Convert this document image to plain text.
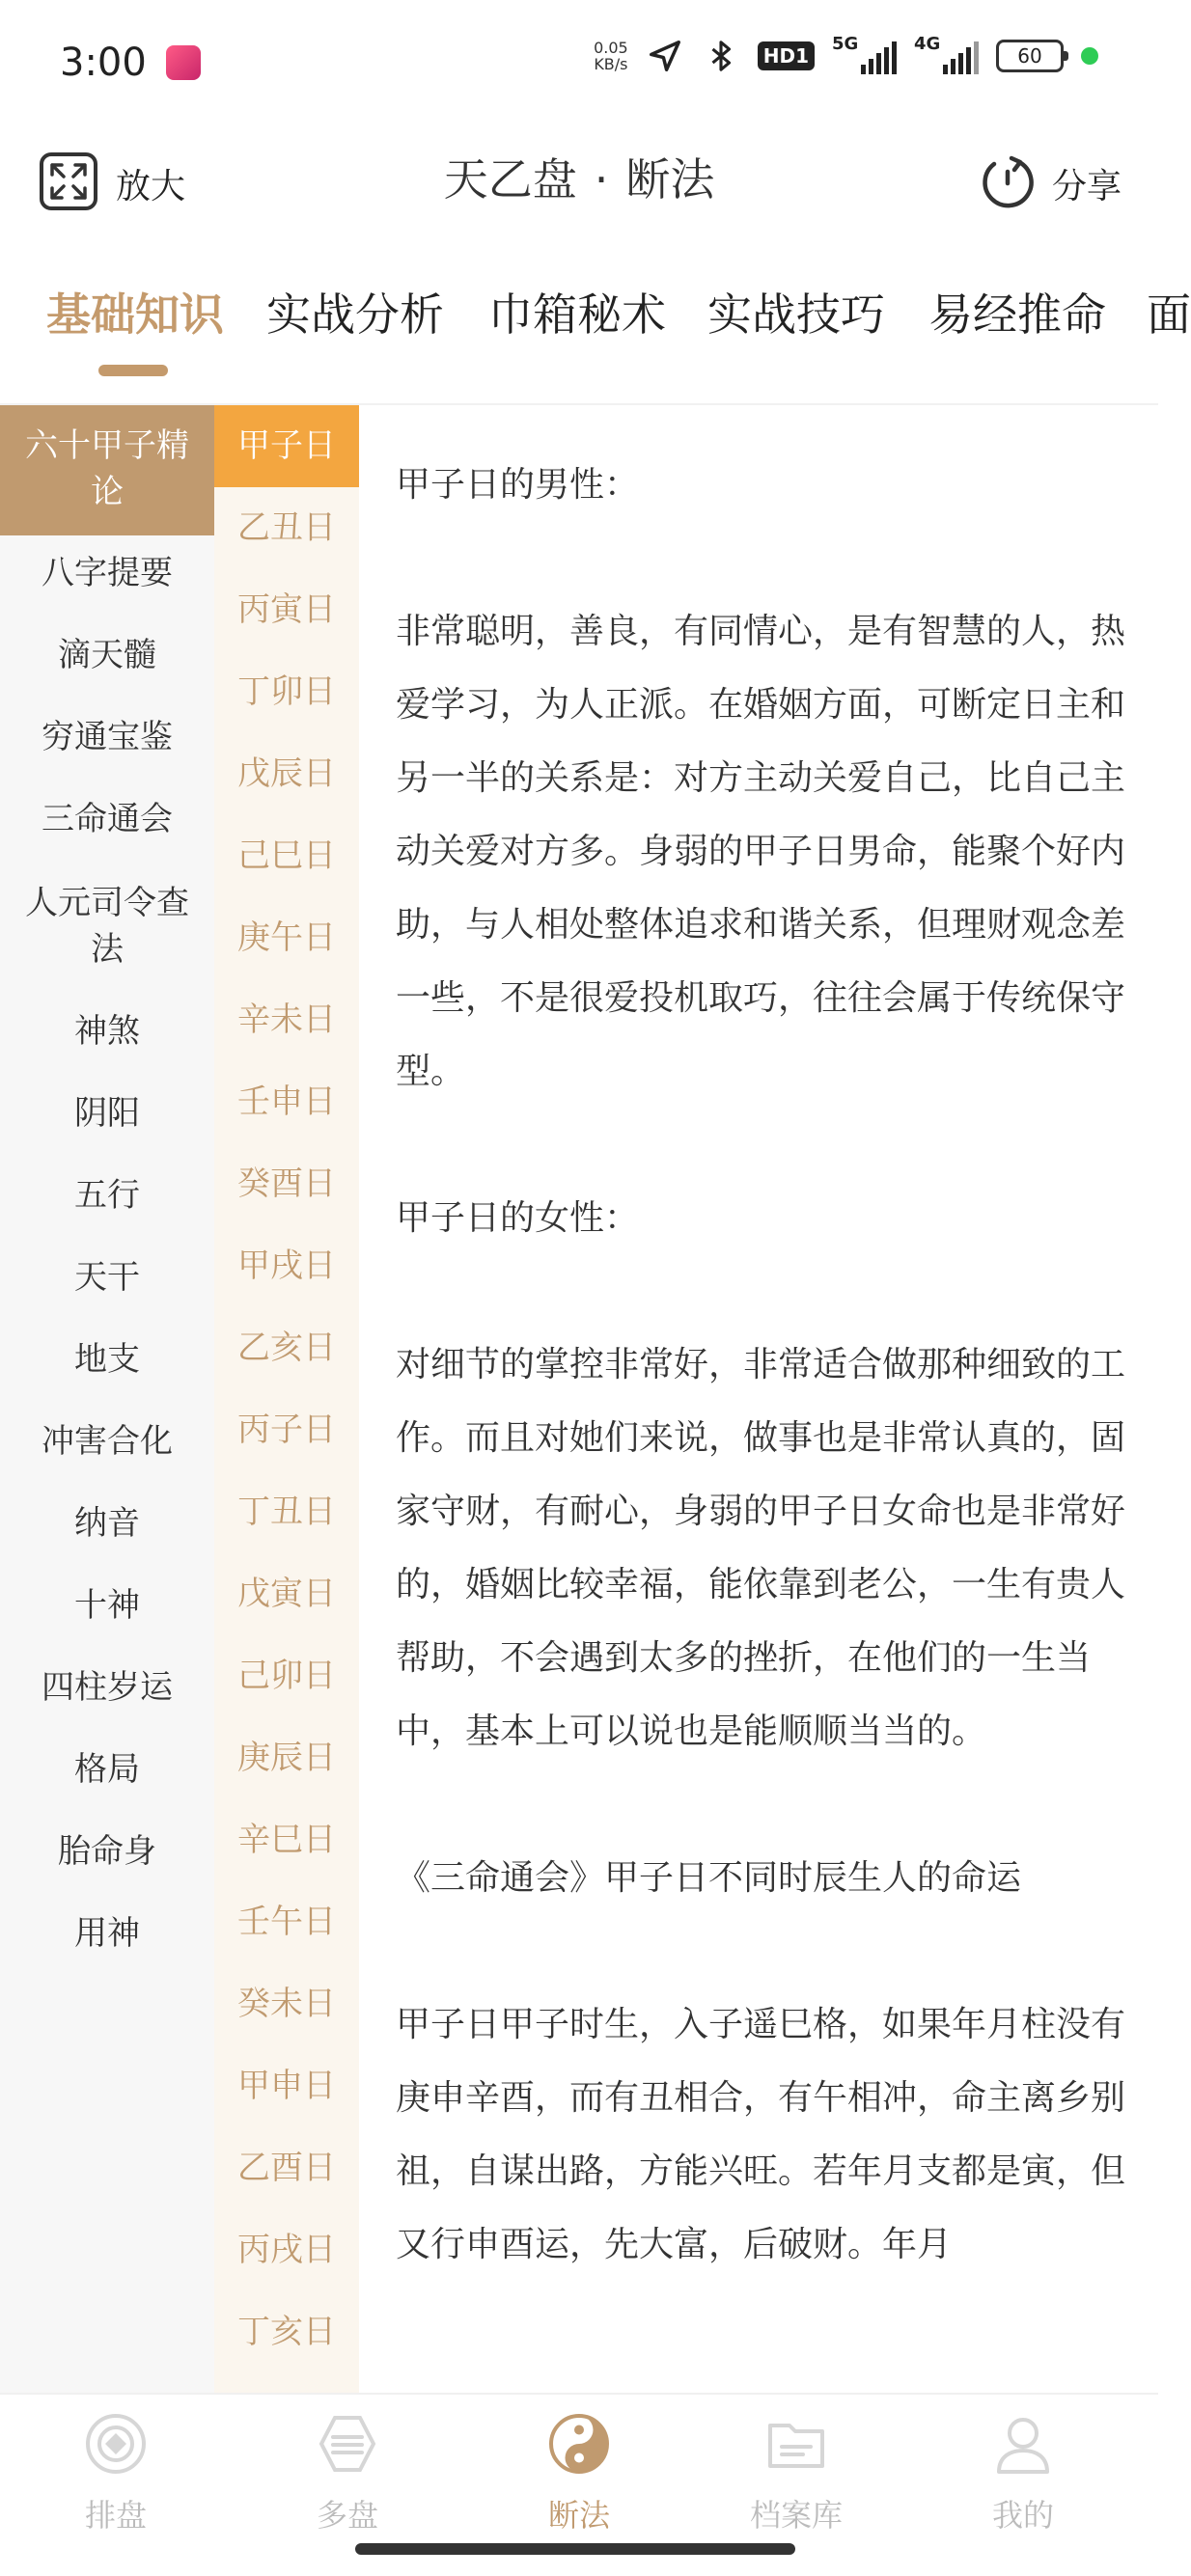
3:00	0.05
KB/s	HD1
5G	4G
60
放大	天乙盘 · 断法	分享
基础知识 实战分析 巾箱秘术 实战技巧 易经推命 面
六十甲子精论
八字提要
滴天髓
穷通宝鉴
三命通会
人元司令查法
神煞
阴阳
五行
天干
地支
冲害合化
纳音
十神
四柱岁运
格局
胎命身
用神
甲子日
乙丑日
丙寅日
丁卯日
戊辰日
己巳日
庚午日
辛未日
壬申日
癸酉日
甲戌日
乙亥日
丙子日
丁丑日
戊寅日
己卯日
庚辰日
辛巳日
壬午日
癸未日
甲申日
乙酉日
丙戌日
丁亥日

甲子日的男性：

非常聪明，善良，有同情心，是有智慧的人，热爱学习，为人正派。在婚姻方面，可断定日主和另一半的关系是：对方主动关爱自己，比自己主动关爱对方多。身弱的甲子日男命，能聚个好内助，与人相处整体追求和谐关系，但理财观念差一些，不是很爱投机取巧，往往会属于传统保守型。

甲子日的女性：

对细节的掌控非常好，非常适合做那种细致的工作。而且对她们来说，做事也是非常认真的，固家守财，有耐心，身弱的甲子日女命也是非常好的，婚姻比较幸福，能依靠到老公，一生有贵人帮助，不会遇到太多的挫折，在他们的一生当中，基本上可以说也是能顺顺当当的。

《三命通会》甲子日不同时辰生人的命运

甲子日甲子时生，入子遥巳格，如果年月柱没有庚申辛酉，而有丑相合，有午相冲，命主离乡别祖，自谋出路，方能兴旺。若年月支都是寅，但又行申酉运，先大富，后破财。年月

排盘	多盘	断法	档案库	我的
